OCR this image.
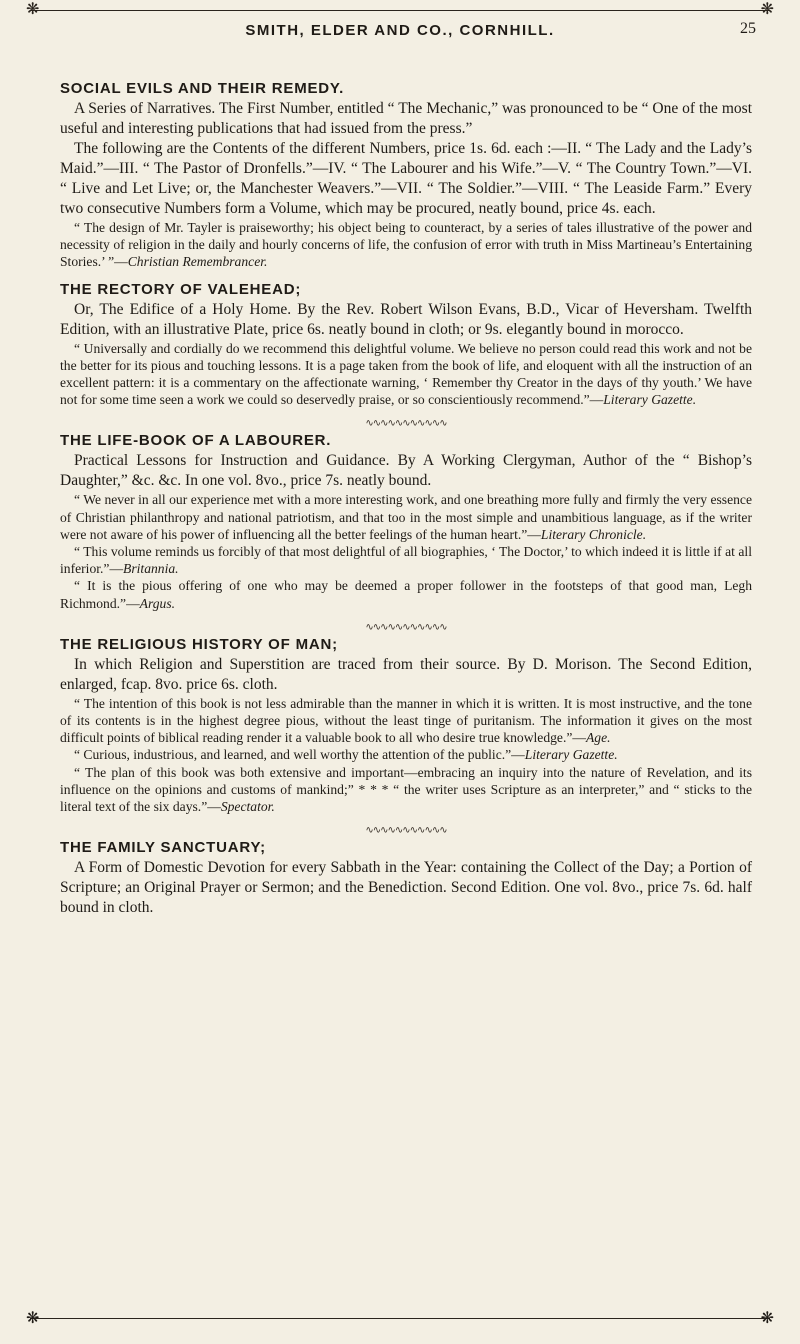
❋	❋
SMITH, ELDER AND CO., CORNHILL.	25
SOCIAL EVILS AND THEIR REMEDY.

A Series of Narratives. The First Number, entitled “ The Mechanic,” was pronounced to be “ One of the most useful and interesting publications that had issued from the press.”

The following are the Contents of the different Numbers, price 1s. 6d. each :—II. “ The Lady and the Lady’s Maid.”—III. “ The Pastor of Dronfells.”—IV. “ The Labourer and his Wife.”—V. “ The Country Town.”—VI. “ Live and Let Live; or, the Manchester Weavers.”—VII. “ The Soldier.”—VIII. “ The Leaside Farm.” Every two consecutive Numbers form a Volume, which may be procured, neatly bound, price 4s. each.

“ The design of Mr. Tayler is praiseworthy; his object being to counteract, by a series of tales illustrative of the power and necessity of religion in the daily and hourly concerns of life, the confusion of error with truth in Miss Martineau’s Entertaining Stories.’ ”—Christian Remembrancer.

THE RECTORY OF VALEHEAD;

Or, The Edifice of a Holy Home. By the Rev. Robert Wilson Evans, B.D., Vicar of Heversham. Twelfth Edition, with an illustrative Plate, price 6s. neatly bound in cloth; or 9s. elegantly bound in morocco.

“ Universally and cordially do we recommend this delightful volume. We believe no person could read this work and not be the better for its pious and touching lessons. It is a page taken from the book of life, and eloquent with all the instruction of an excellent pattern: it is a commentary on the affectionate warning, ‘ Remember thy Creator in the days of thy youth.’ We have not for some time seen a work we could so deservedly praise, or so conscientiously recommend.”—Literary Gazette.

∿∿∿∿∿∿∿∿∿∿∿
THE LIFE-BOOK OF A LABOURER.

Practical Lessons for Instruction and Guidance. By A Working Clergyman, Author of the “ Bishop’s Daughter,” &c. &c. In one vol. 8vo., price 7s. neatly bound.

“ We never in all our experience met with a more interesting work, and one breathing more fully and firmly the very essence of Christian philanthropy and national patriotism, and that too in the most simple and unambitious language, as if the writer were not aware of his power of influencing all the better feelings of the human heart.”—Literary Chronicle.

“ This volume reminds us forcibly of that most delightful of all biographies, ‘ The Doctor,’ to which indeed it is little if at all inferior.”—Britannia.

“ It is the pious offering of one who may be deemed a proper follower in the footsteps of that good man, Legh Richmond.”—Argus.

∿∿∿∿∿∿∿∿∿∿∿
THE RELIGIOUS HISTORY OF MAN;

In which Religion and Superstition are traced from their source. By D. Morison. The Second Edition, enlarged, fcap. 8vo. price 6s. cloth.

“ The intention of this book is not less admirable than the manner in which it is written. It is most instructive, and the tone of its contents is in the highest degree pious, without the least tinge of puritanism. The information it gives on the most difficult points of biblical reading render it a valuable book to all who desire true knowledge.”—Age.

“ Curious, industrious, and learned, and well worthy the attention of the public.”—Literary Gazette.

“ The plan of this book was both extensive and important—embracing an inquiry into the nature of Revelation, and its influence on the opinions and customs of mankind;” * * * “ the writer uses Scripture as an interpreter,” and “ sticks to the literal text of the six days.”—Spectator.

∿∿∿∿∿∿∿∿∿∿∿
THE FAMILY SANCTUARY;

A Form of Domestic Devotion for every Sabbath in the Year: containing the Collect of the Day; a Portion of Scripture; an Original Prayer or Sermon; and the Benediction. Second Edition. One vol. 8vo., price 7s. 6d. half bound in cloth.

❋	❋
